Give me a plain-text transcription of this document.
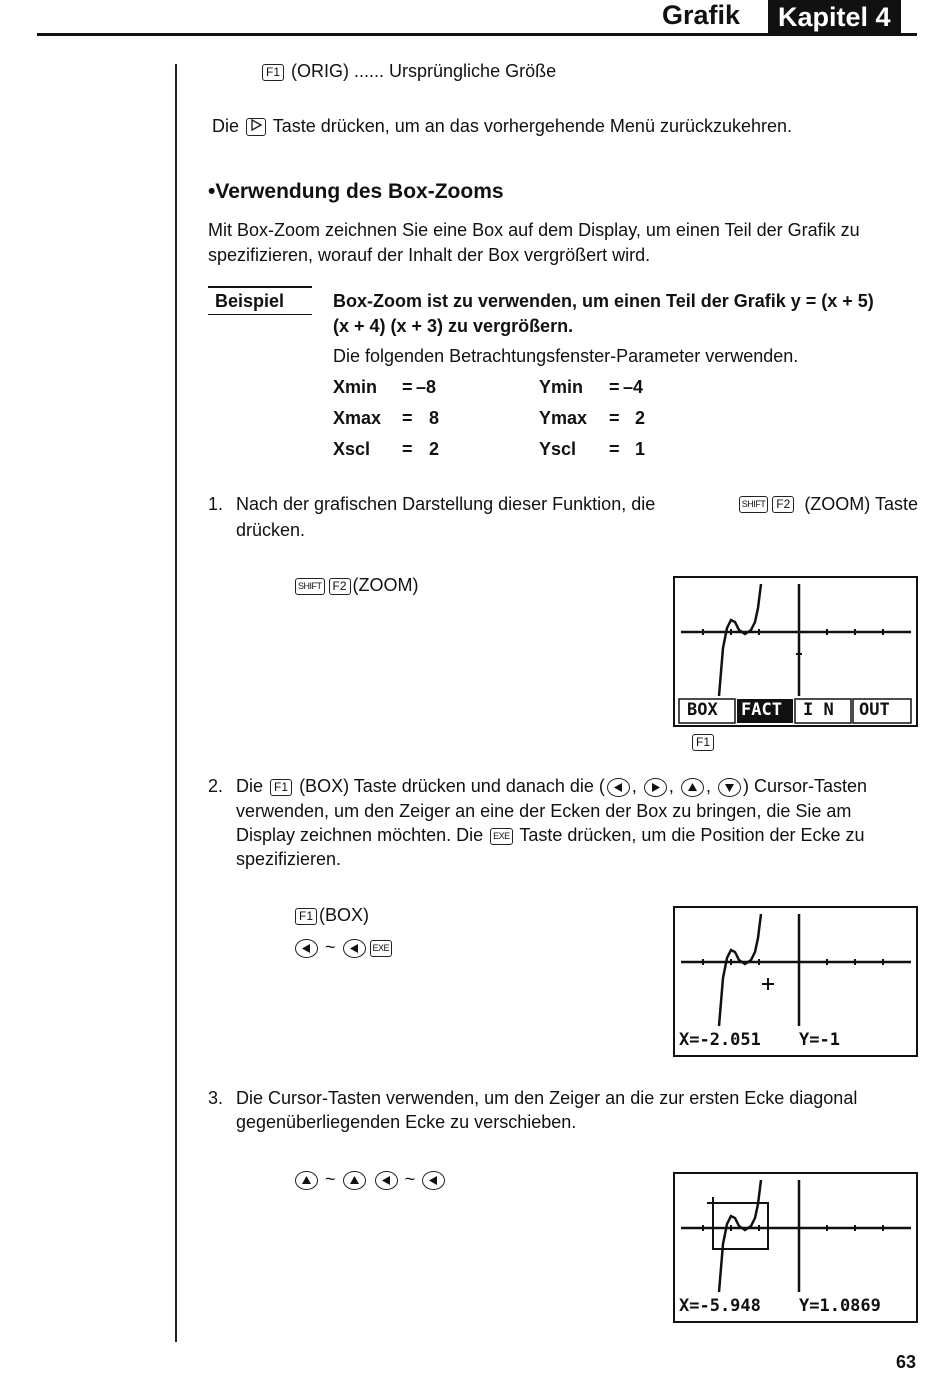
Grafik	Kapitel 4
F1 (ORIG) ...... Ursprüngliche Größe
Die Taste drücken, um an das vorhergehende Menü zurückzukehren.
•Verwendung des Box-Zooms
Mit Box-Zoom zeichnen Sie eine Box auf dem Display, um einen Teil der Grafik zu
spezifizieren, worauf der Inhalt der Box vergrößert wird.
Beispiel	Box-Zoom ist zu verwenden, um einen Teil der Grafik y = (x + 5)
(x + 4) (x + 3) zu vergrößern.
Die folgenden Betrachtungsfenster-Parameter verwenden.
Xmin = –8	Ymin = –4
Xmax = 8	Ymax = 2
Xscl = 2	Yscl = 1
1. Nach der grafischen Darstellung dieser Funktion, die	SHIFT F2 (ZOOM) Taste
drücken.
SHIFT F2 (ZOOM)
BOX FACT I N OUT
F1
2. Die F1 (BOX) Taste drücken und danach die ( ,
,
,
) Cursor-Tasten
verwenden, um den Zeiger an eine der Ecken der Box zu bringen, die Sie am
Display zeichnen möchten. Die EXE Taste drücken, um die Position der Ecke zu
spezifizieren.
F1 (BOX)
~	EXE
X=-2.051 Y=-1
3. Die Cursor-Tasten verwenden, um den Zeiger an die zur ersten Ecke diagonal
gegenüberliegenden Ecke zu verschieben.
~
	~
X=-5.948 Y=1.0869
63
